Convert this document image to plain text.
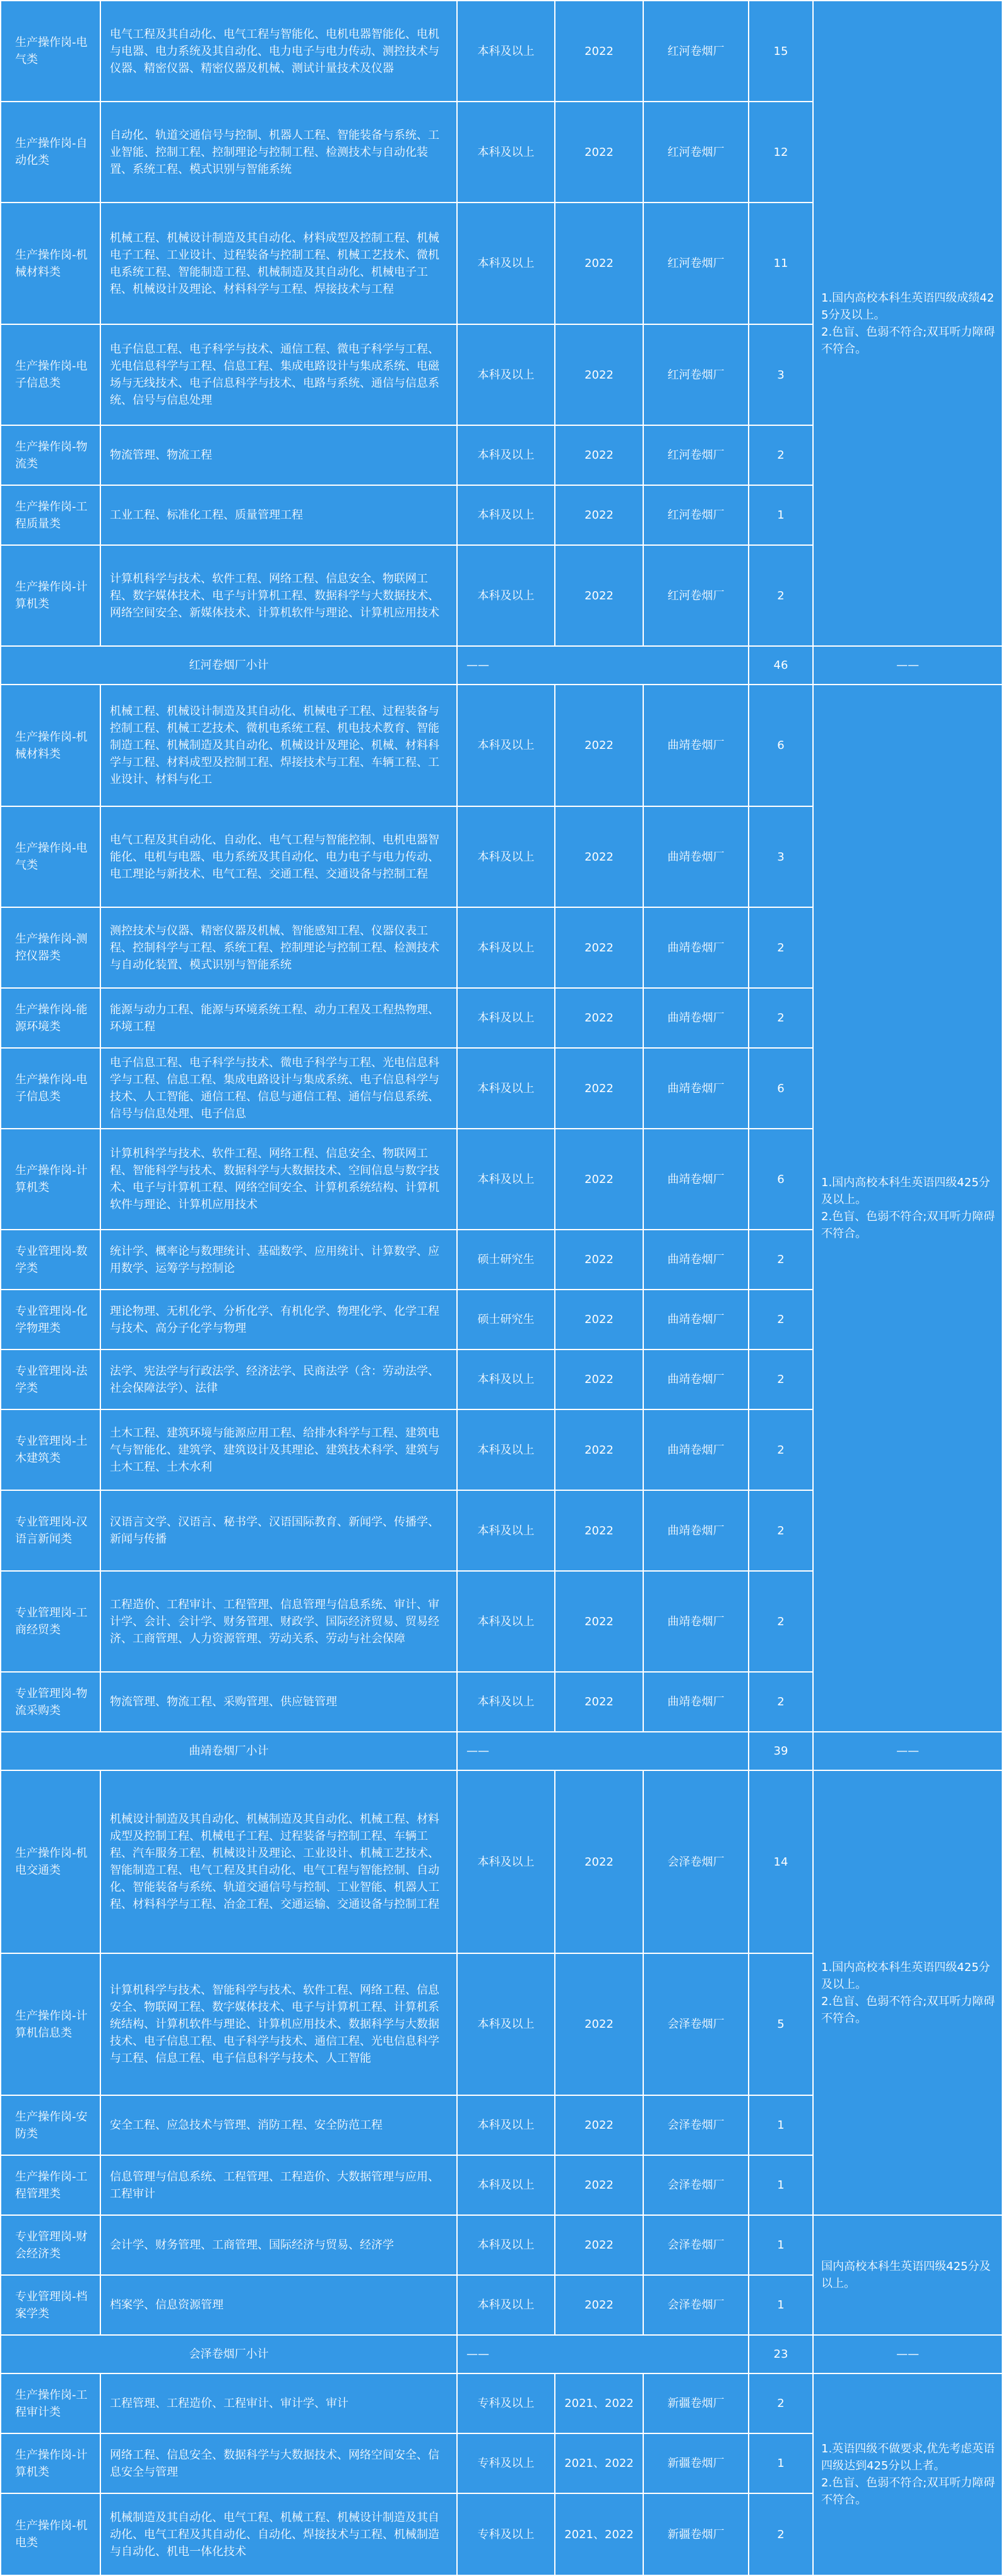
生产操作岗-电气类	电气工程及其自动化、电气工程与智能化、电机电器智能化、电机与电器、电力系统及其自动化、电力电子与电力传动、测控技术与仪器、精密仪器、精密仪器及机械、测试计量技术及仪器	本科及以上	2022	红河卷烟厂	15	1.国内高校本科生英语四级成绩425分及以上。
2.色盲、色弱不符合;双耳听力障碍不符合。

生产操作岗-自动化类	自动化、轨道交通信号与控制、机器人工程、智能装备与系统、工业智能、控制工程、控制理论与控制工程、检测技术与自动化装置、系统工程、模式识别与智能系统	本科及以上	2022	红河卷烟厂	12	
生产操作岗-机械材料类	机械工程、机械设计制造及其自动化、材料成型及控制工程、机械电子工程、工业设计、过程装备与控制工程、机械工艺技术、微机电系统工程、智能制造工程、机械制造及其自动化、机械电子工程、机械设计及理论、材料科学与工程、焊接技术与工程	本科及以上	2022	红河卷烟厂	11	
生产操作岗-电子信息类	电子信息工程、电子科学与技术、通信工程、微电子科学与工程、光电信息科学与工程、信息工程、集成电路设计与集成系统、电磁场与无线技术、电子信息科学与技术、电路与系统、通信与信息系统、信号与信息处理	本科及以上	2022	红河卷烟厂	3	
生产操作岗-物流类	物流管理、物流工程	本科及以上	2022	红河卷烟厂	2	
生产操作岗-工程质量类	工业工程、标准化工程、质量管理工程	本科及以上	2022	红河卷烟厂	1	
生产操作岗-计算机类	计算机科学与技术、软件工程、网络工程、信息安全、物联网工程、数字媒体技术、电子与计算机工程、数据科学与大数据技术、网络空间安全、新媒体技术、计算机软件与理论、计算机应用技术	本科及以上	2022	红河卷烟厂	2	
红河卷烟厂小计		——			46	——
生产操作岗-机械材料类	机械工程、机械设计制造及其自动化、机械电子工程、过程装备与控制工程、机械工艺技术、微机电系统工程、机电技术教育、智能制造工程、机械制造及其自动化、机械设计及理论、机械、材料科学与工程、材料成型及控制工程、焊接技术与工程、车辆工程、工业设计、材料与化工	本科及以上	2022	曲靖卷烟厂	6	1.国内高校本科生英语四级425分及以上。
2.色盲、色弱不符合;双耳听力障碍不符合。

生产操作岗-电气类	电气工程及其自动化、自动化、电气工程与智能控制、电机电器智能化、电机与电器、电力系统及其自动化、电力电子与电力传动、电工理论与新技术、电气工程、交通工程、交通设备与控制工程	本科及以上	2022	曲靖卷烟厂	3	
生产操作岗-测控仪器类	测控技术与仪器、精密仪器及机械、智能感知工程、仪器仪表工程、控制科学与工程、系统工程、控制理论与控制工程、检测技术与自动化装置、模式识别与智能系统	本科及以上	2022	曲靖卷烟厂	2	
生产操作岗-能源环境类	能源与动力工程、能源与环境系统工程、动力工程及工程热物理、环境工程	本科及以上	2022	曲靖卷烟厂	2	
生产操作岗-电子信息类	电子信息工程、电子科学与技术、微电子科学与工程、光电信息科学与工程、信息工程、集成电路设计与集成系统、电子信息科学与技术、人工智能、通信工程、信息与通信工程、通信与信息系统、信号与信息处理、电子信息	本科及以上	2022	曲靖卷烟厂	6	
生产操作岗-计算机类	计算机科学与技术、软件工程、网络工程、信息安全、物联网工程、智能科学与技术、数据科学与大数据技术、空间信息与数字技术、电子与计算机工程、网络空间安全、计算机系统结构、计算机软件与理论、计算机应用技术	本科及以上	2022	曲靖卷烟厂	6	
专业管理岗-数学类	统计学、概率论与数理统计、基础数学、应用统计、计算数学、应用数学、运筹学与控制论	硕士研究生	2022	曲靖卷烟厂	2	
专业管理岗-化学物理类	理论物理、无机化学、分析化学、有机化学、物理化学、化学工程与技术、高分子化学与物理	硕士研究生	2022	曲靖卷烟厂	2	
专业管理岗-法学类	法学、宪法学与行政法学、经济法学、民商法学（含：劳动法学、社会保障法学）、法律	本科及以上	2022	曲靖卷烟厂	2	
专业管理岗-土木建筑类	土木工程、建筑环境与能源应用工程、给排水科学与工程、建筑电气与智能化、建筑学、建筑设计及其理论、建筑技术科学、建筑与土木工程、土木水利	本科及以上	2022	曲靖卷烟厂	2	
专业管理岗-汉语言新闻类	汉语言文学、汉语言、秘书学、汉语国际教育、新闻学、传播学、新闻与传播	本科及以上	2022	曲靖卷烟厂	2	
专业管理岗-工商经贸类	工程造价、工程审计、工程管理、信息管理与信息系统、审计、审计学、会计、会计学、财务管理、财政学、国际经济贸易、贸易经济、工商管理、人力资源管理、劳动关系、劳动与社会保障	本科及以上	2022	曲靖卷烟厂	2	
专业管理岗-物流采购类	物流管理、物流工程、采购管理、供应链管理	本科及以上	2022	曲靖卷烟厂	2	
曲靖卷烟厂小计		——			39	——
生产操作岗-机电交通类	机械设计制造及其自动化、机械制造及其自动化、机械工程、材料成型及控制工程、机械电子工程、过程装备与控制工程、车辆工程、汽车服务工程、机械设计及理论、工业设计、机械工艺技术、智能制造工程、电气工程及其自动化、电气工程与智能控制、自动化、智能装备与系统、轨道交通信号与控制、工业智能、机器人工程、材料科学与工程、冶金工程、交通运输、交通设备与控制工程	本科及以上	2022	会泽卷烟厂	14	1.国内高校本科生英语四级425分及以上。
2.色盲、色弱不符合;双耳听力障碍不符合。

生产操作岗-计算机信息类	计算机科学与技术、智能科学与技术、软件工程、网络工程、信息安全、物联网工程、数字媒体技术、电子与计算机工程、计算机系统结构、计算机软件与理论、计算机应用技术、数据科学与大数据技术、电子信息工程、电子科学与技术、通信工程、光电信息科学与工程、信息工程、电子信息科学与技术、人工智能	本科及以上	2022	会泽卷烟厂	5	
生产操作岗-安防类	安全工程、应急技术与管理、消防工程、安全防范工程	本科及以上	2022	会泽卷烟厂	1	
生产操作岗-工程管理类	信息管理与信息系统、工程管理、工程造价、大数据管理与应用、工程审计	本科及以上	2022	会泽卷烟厂	1	
专业管理岗-财会经济类	会计学、财务管理、工商管理、国际经济与贸易、经济学	本科及以上	2022	会泽卷烟厂	1	国内高校本科生英语四级425分及以上。

专业管理岗-档案学类	档案学、信息资源管理	本科及以上	2022	会泽卷烟厂	1	
会泽卷烟厂小计		——			23	——
生产操作岗-工程审计类	工程管理、工程造价、工程审计、审计学、审计	专科及以上	2021、2022	新疆卷烟厂	2	1.英语四级不做要求,优先考虑英语四级达到425分以上者。
2.色盲、色弱不符合;双耳听力障碍不符合。

生产操作岗-计算机类	网络工程、信息安全、数据科学与大数据技术、网络空间安全、信息安全与管理	专科及以上	2021、2022	新疆卷烟厂	1	
生产操作岗-机电类	机械制造及其自动化、电气工程、机械工程、机械设计制造及其自动化、电气工程及其自动化、自动化、焊接技术与工程、机械制造与自动化、机电一体化技术	专科及以上	2021、2022	新疆卷烟厂	2	
